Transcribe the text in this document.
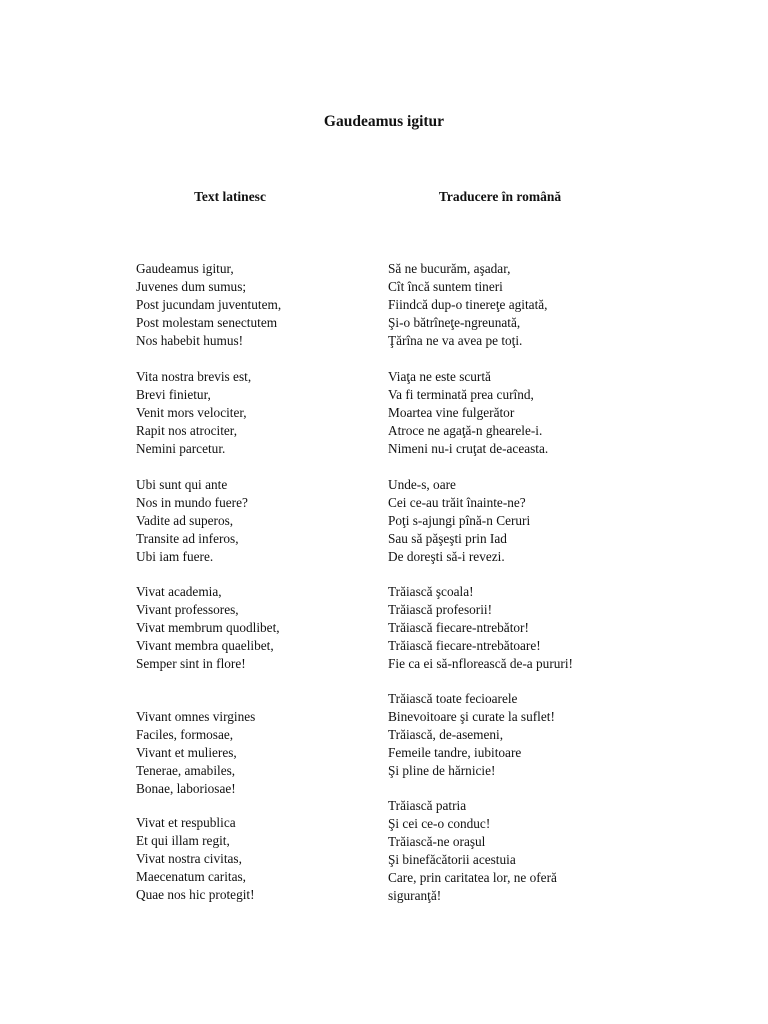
Gaudeamus igitur
Text latinesc	Traducere în română
Gaudeamus igitur,
Juvenes dum sumus;
Post jucundam juventutem,
Post molestam senectutem
Nos habebit humus!
Vita nostra brevis est,
Brevi finietur,
Venit mors velociter,
Rapit nos atrociter,
Nemini parcetur.
Ubi sunt qui ante
Nos in mundo fuere?
Vadite ad superos,
Transite ad inferos,
Ubi iam fuere.
Vivat academia,
Vivant professores,
Vivat membrum quodlibet,
Vivant membra quaelibet,
Semper sint in flore!
Vivant omnes virgines
Faciles, formosae,
Vivant et mulieres,
Tenerae, amabiles,
Bonae, laboriosae!
Vivat et respublica
Et qui illam regit,
Vivat nostra civitas,
Maecenatum caritas,
Quae nos hic protegit!
Să ne bucurăm, aşadar,
Cît încă suntem tineri
Fiindcă dup-o tinereţe agitată,
Şi-o bătrîneţe-ngreunată,
Ţărîna ne va avea pe toţi.
Viaţa ne este scurtă
Va fi terminată prea curînd,
Moartea vine fulgerător
Atroce ne agaţă-n ghearele-i.
Nimeni nu-i cruţat de-aceasta.
Unde-s, oare
Cei ce-au trăit înainte-ne?
Poţi s-ajungi pînă-n Ceruri
Sau să păşeşti prin Iad
De doreşti să-i revezi.
Trăiască şcoala!
Trăiască profesorii!
Trăiască fiecare-ntrebător!
Trăiască fiecare-ntrebătoare!
Fie ca ei să-nflorească de-a pururi!
Trăiască toate fecioarele
Binevoitoare şi curate la suflet!
Trăiască, de-asemeni,
Femeile tandre, iubitoare
Şi pline de hărnicie!
Trăiască patria
Şi cei ce-o conduc!
Trăiască-ne oraşul
Şi binefăcătorii acestuia
Care, prin caritatea lor, ne oferă
siguranţă!
